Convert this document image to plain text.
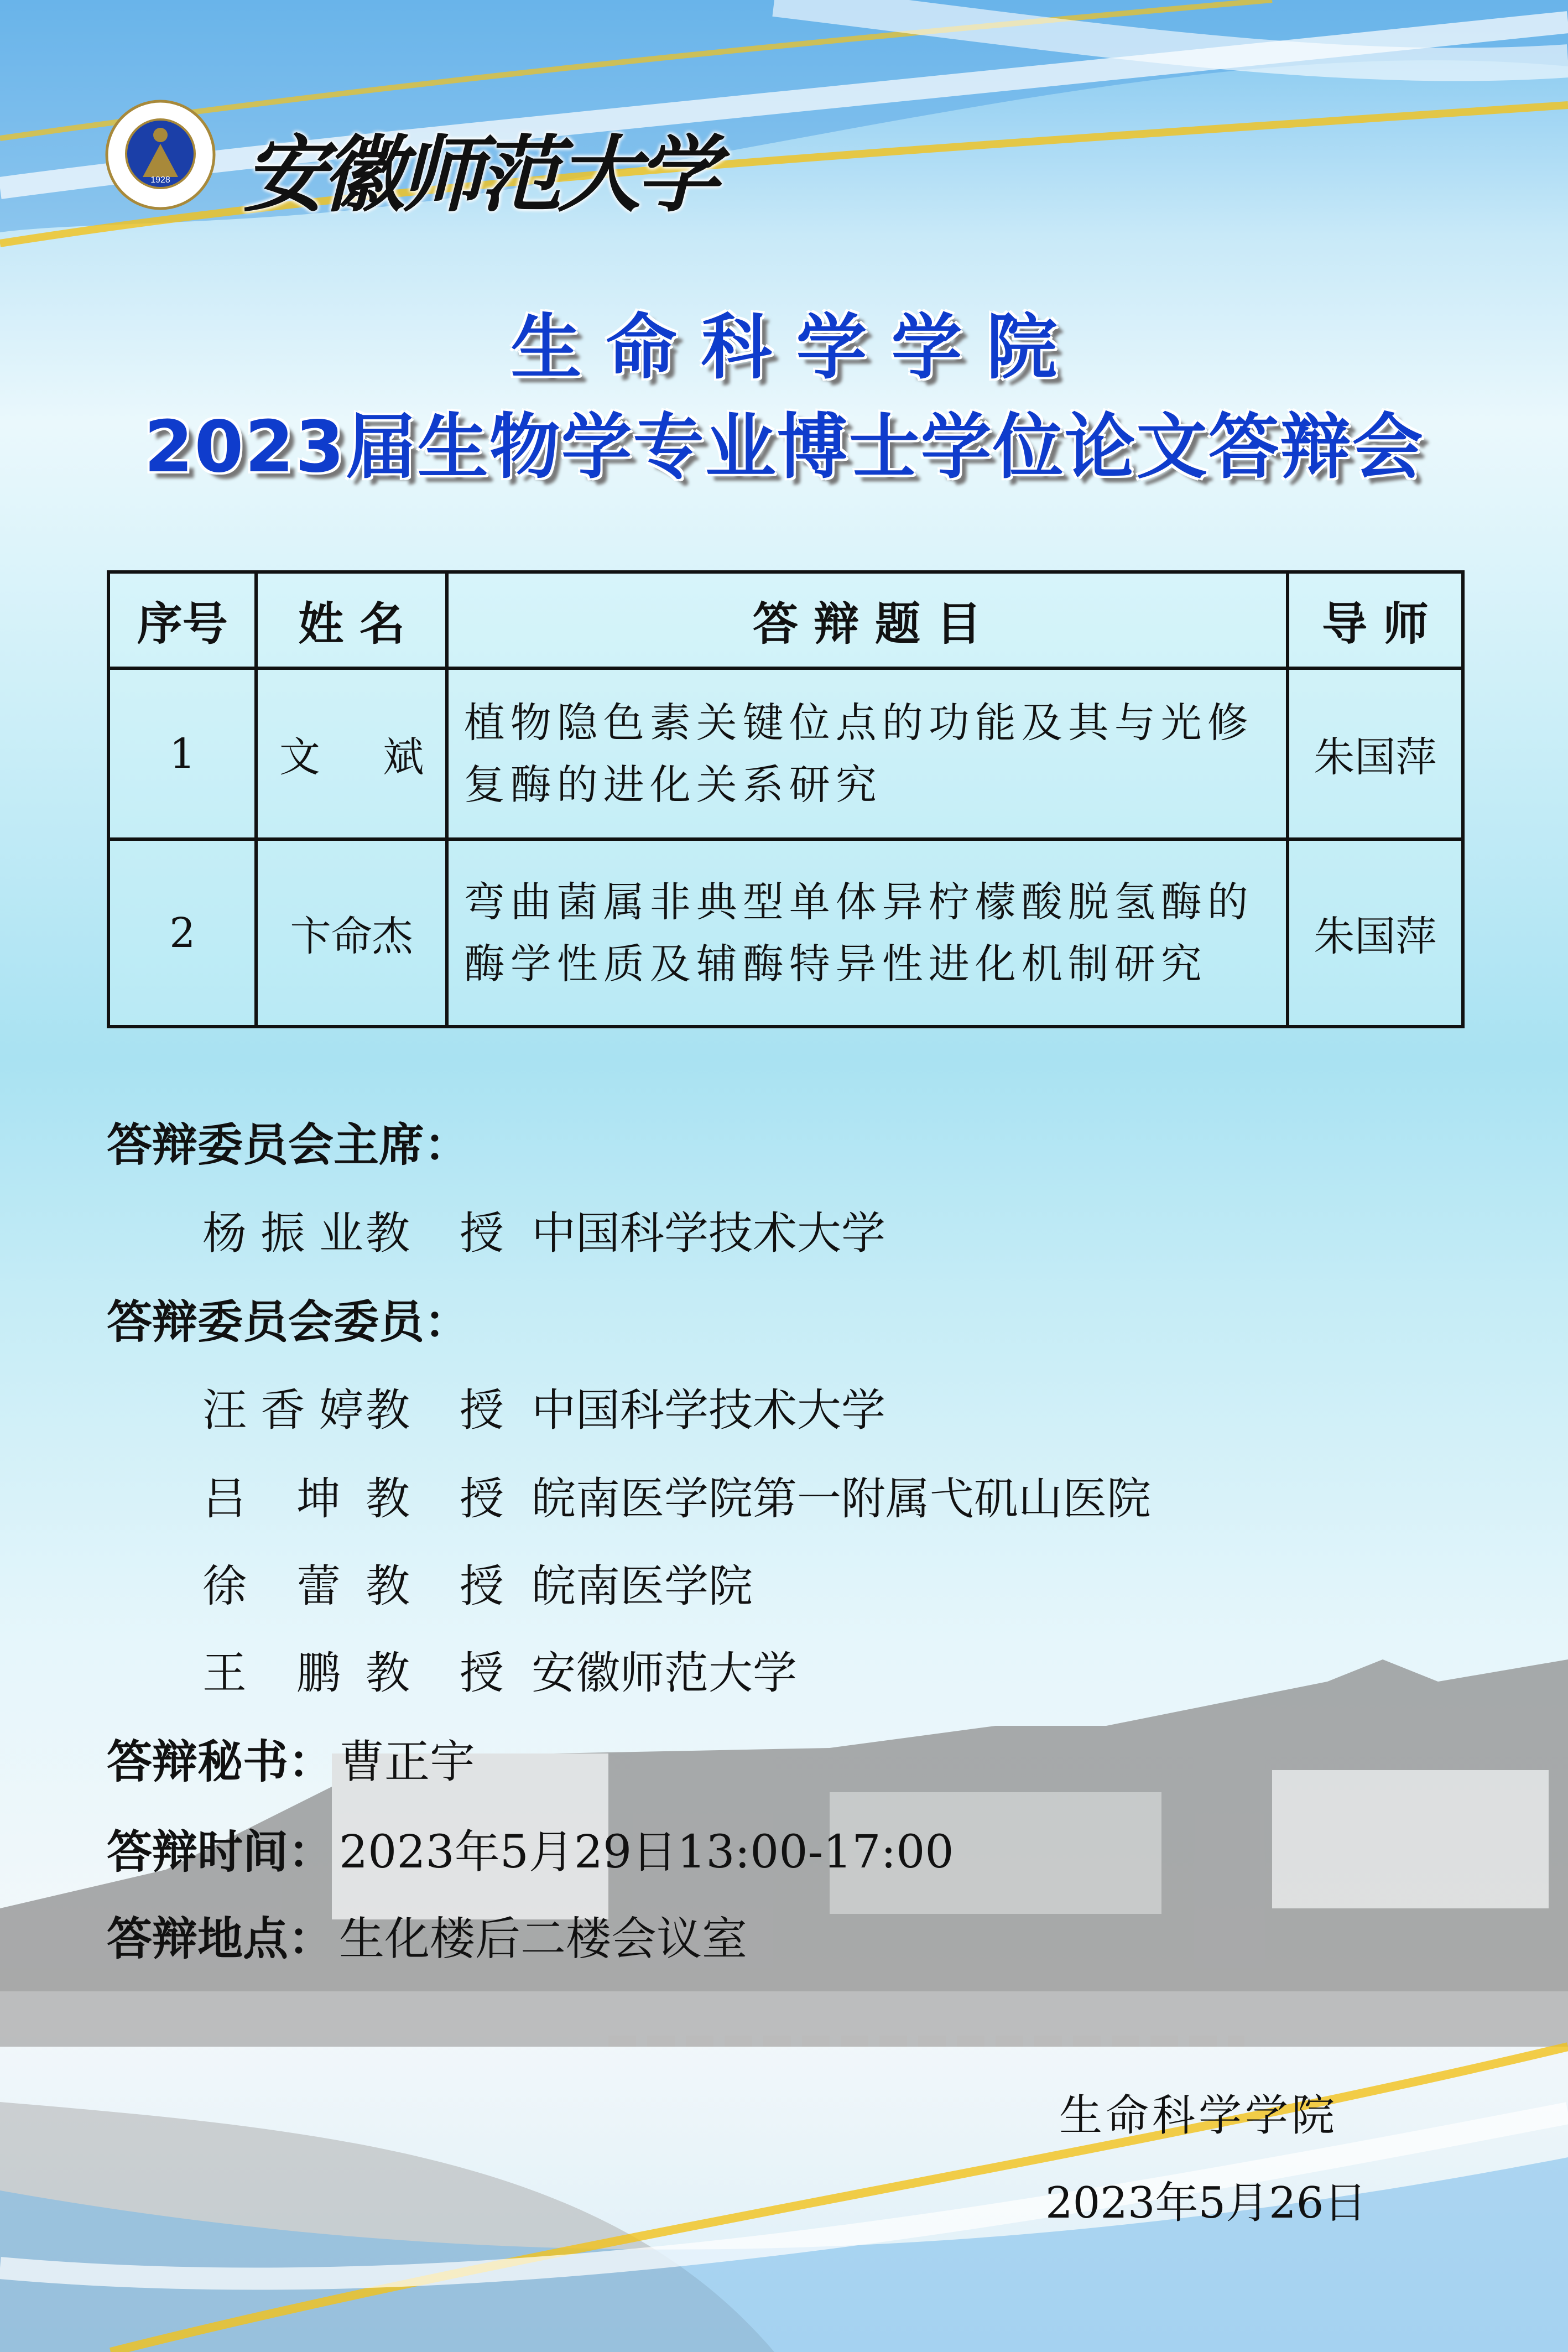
1928 安徽师范大学
生命科学学院
2023届生物学专业博士学位论文答辩会
序号	姓 名	答 辩 题 目	导 师
1	文 斌	植物隐色素关键位点的功能及其与光修复酶的进化关系研究	朱国萍
2	卞命杰	弯曲菌属非典型单体异柠檬酸脱氢酶的酶学性质及辅酶特异性进化机制研究	朱国萍
答辩委员会主席：
杨 振 业 教 授 中国科学技术大学
答辩委员会委员：
汪 香 婷 教 授 中国科学技术大学
吕 坤 教 授 皖南医学院第一附属弋矶山医院
徐 蕾 教 授 皖南医学院
王 鹏 教 授 安徽师范大学
答辩秘书： 曹正宇
答辩时间： 2023年5月29日13:00-17:00
答辩地点： 生化楼后二楼会议室
生命科学学院
2023年5月26日
